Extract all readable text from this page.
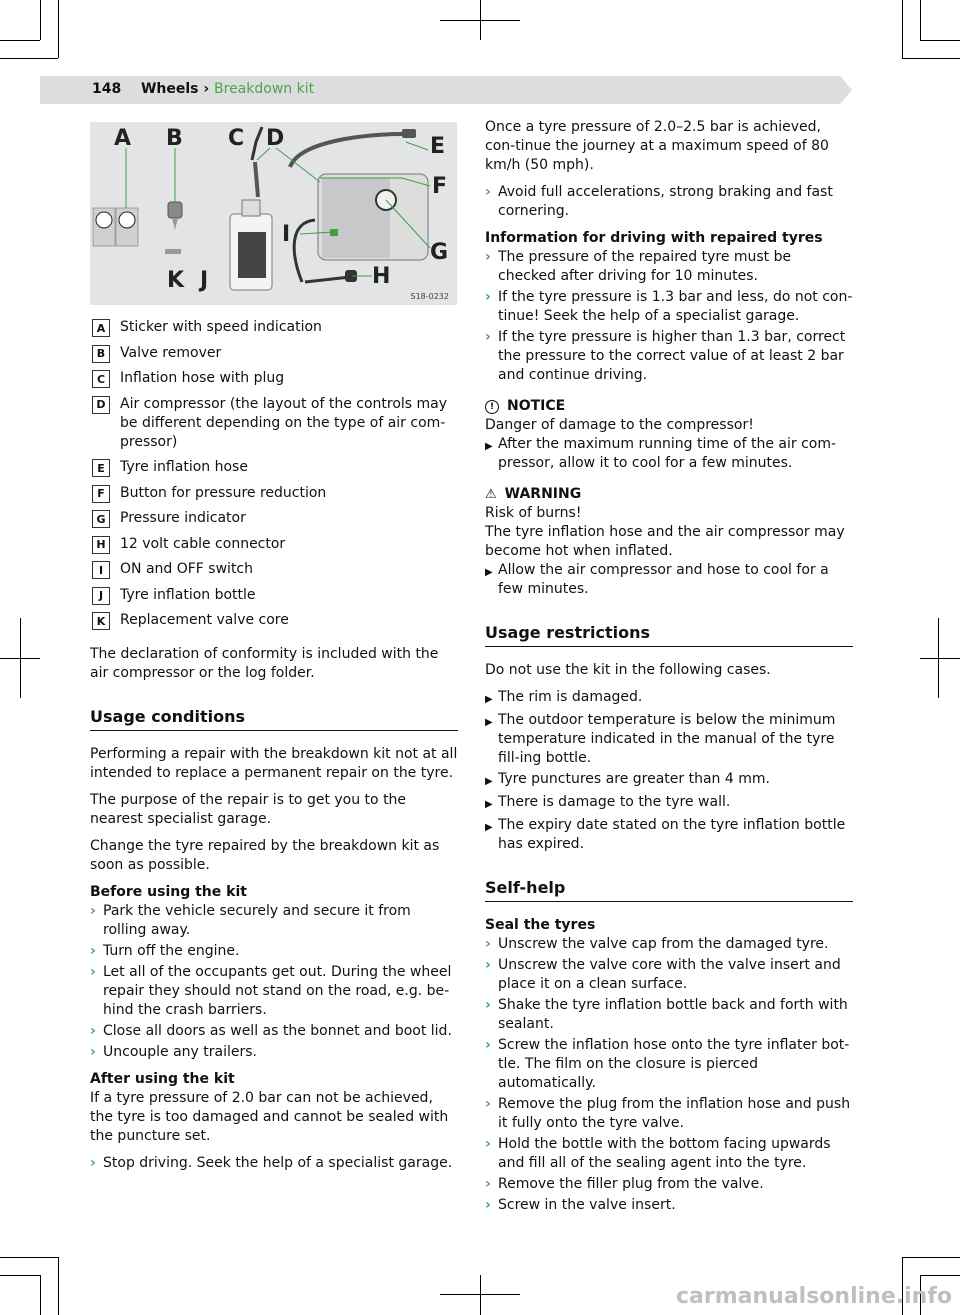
148 Wheels › Breakdown kit
A B C D	E
F
G
H
I
J
K
S18-0232
A	Sticker with speed indication
B	Valve remover
C	Inflation hose with plug
D	Air compressor (the layout of the controls may be different depending on the type of air com-pressor)
E	Tyre inflation hose
F	Button for pressure reduction
G	Pressure indicator
H	12 volt cable connector
I	ON and OFF switch
J	Tyre inflation bottle
K	Replacement valve core

The declaration of conformity is included with the air compressor or the log folder.

Usage conditions

Performing a repair with the breakdown kit not at all intended to replace a permanent repair on the tyre.

The purpose of the repair is to get you to the nearest specialist garage.

Change the tyre repaired by the breakdown kit as soon as possible.

Before using the kit
› Park the vehicle securely and secure it from rolling away.
› Turn off the engine.
› Let all of the occupants get out. During the wheel repair they should not stand on the road, e.g. be-hind the crash barriers.
› Close all doors as well as the bonnet and boot lid.
› Uncouple any trailers.
After using the kit

If a tyre pressure of 2.0 bar can not be achieved, the tyre is too damaged and cannot be sealed with the puncture set.

› Stop driving. Seek the help of a specialist garage.

Once a tyre pressure of 2.0–2.5 bar is achieved, con-tinue the journey at a maximum speed of 80 km/h (50 mph).

› Avoid full accelerations, strong braking and fast cornering.
Information for driving with repaired tyres
› The pressure of the repaired tyre must be checked after driving for 10 minutes.
› If the tyre pressure is 1.3 bar and less, do not con-tinue! Seek the help of a specialist garage.
› If the tyre pressure is higher than 1.3 bar, correct the pressure to the correct value of at least 2 bar and continue driving.
! NOTICE
Danger of damage to the compressor!
▶ After the maximum running time of the air com-pressor, allow it to cool for a few minutes.
⚠ WARNING
Risk of burns!
The tyre inflation hose and the air compressor may become hot when inflated.
▶ Allow the air compressor and hose to cool for a few minutes.
Usage restrictions

Do not use the kit in the following cases.

▶ The rim is damaged.
▶ The outdoor temperature is below the minimum temperature indicated in the manual of the tyre fill-ing bottle.
▶ Tyre punctures are greater than 4 mm.
▶ There is damage to the tyre wall.
▶ The expiry date stated on the tyre inflation bottle has expired.
Self-help
Seal the tyres
› Unscrew the valve cap from the damaged tyre.
› Unscrew the valve core with the valve insert and place it on a clean surface.
› Shake the tyre inflation bottle back and forth with sealant.
› Screw the inflation hose onto the tyre inflater bot-tle. The film on the closure is pierced automatically.
› Remove the plug from the inflation hose and push it fully onto the tyre valve.
› Hold the bottle with the bottom facing upwards and fill all of the sealing agent into the tyre.
› Remove the filler plug from the valve.
› Screw in the valve insert.
carmanualsonline.info
